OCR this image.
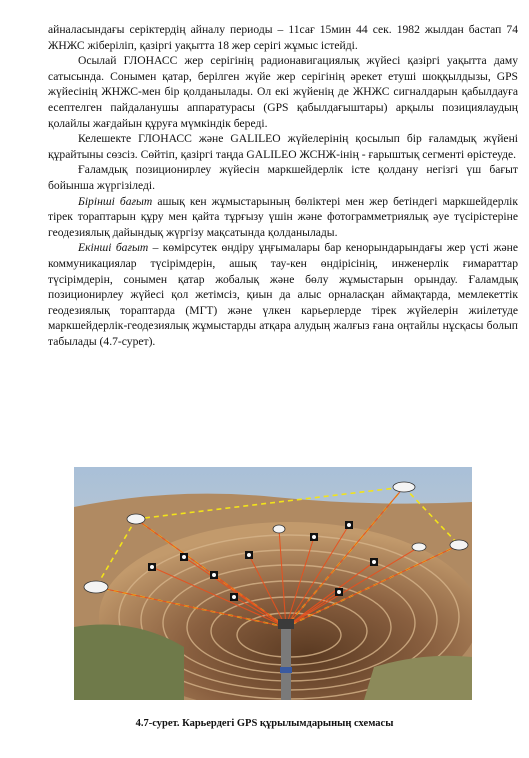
айналасындағы серіктердің айналу периоды – 11сағ 15мин 44 сек. 1982 жылдан бастап 74 ЖНЖС жіберіліп, қазіргі уақытта 18 жер серігі жұмыс істейді.

Осылай ГЛОНАСС жер серігінің радионавигациялық жүйесі қазіргі уақытта даму сатысында. Сонымен қатар, берілген жүйе жер серігінің әрекет етуші шоққылдызы, GPS жүйесінің ЖНЖС-мен бір қолданылады. Ол екі жүйенің де ЖНЖС сигналдарын қабылдауға есептелген пайдаланушы аппаратурасы (GPS қабылдағыштары) арқылы позициялаудың қолайлы жағдайын құруға мүмкіндік береді.

Келешекте ГЛОНАСС және GALILEO жүйелерінің қосылып бір ғаламдық жүйені құрайтыны сөзсіз. Сөйтіп, қазіргі таңда GALILEO ЖСНЖ-інің - ғарыштық сегменті өрістеуде.

Ғаламдық позиционирлеу жүйесін маркшейдерлік істе қолдану негізгі үш бағыт бойынша жүргізіледі.

Бірінші бағыт ашық кен жұмыстарының бөліктері мен жер бетіндегі маркшейдерлік тірек торaптарын құру мен қайта тұрғызу үшін және фотограмметриялық әуе түсірістеріне геодезиялық дайындық жүргізу мақсатында қолданылады.

Екінші бағыт – көмірсутек өндіру ұңғымалары бар кенорындарындағы жер үсті және коммуникациялар түсірімдерін, ашық тау-кен өндірісінің, инженерлік ғимараттар түсірімдерін, сонымен қатар жобалық және бөлу жұмыстарын орындау. Ғаламдық позиционирлеу жүйесі қол жетімсіз, қиын да алыс орналасқан аймақтарда, мемлекеттік геодезиялық торaптарда (МГТ) және үлкен карьерлерде тірек жүйелерін жиілетуде маркшейдерлік-геодезиялық жұмыстарды атқара алудың жалғыз ғана оңтайлы нұсқасы болып табылады (4.7-сурет).

4.7-сурет. Карьердегі GPS құрылымдарының схемасы
